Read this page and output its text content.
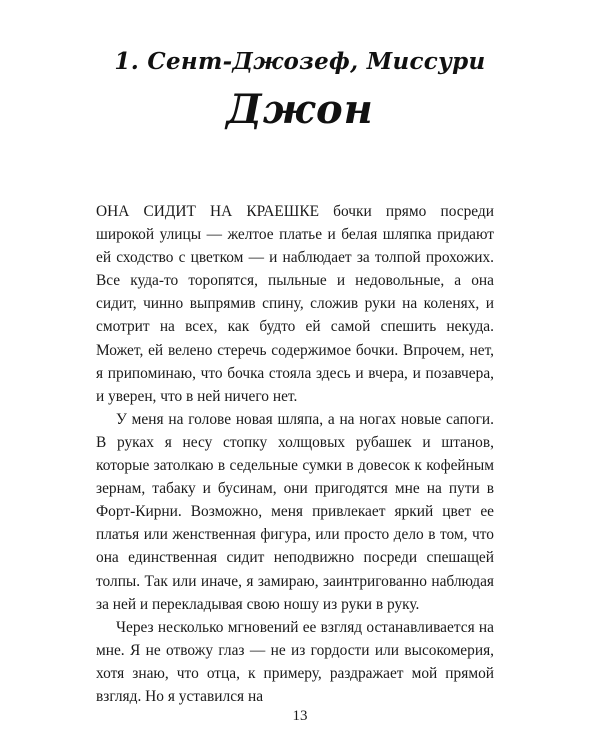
1. Сент-Джозеф, Миссури
Джон

ОНА СИДИТ НА КРАЕШКЕ бочки прямо посреди широкой улицы — желтое платье и белая шляпка придают ей сходство с цветком — и наблюдает за толпой прохожих. Все куда-то торопятся, пыльные и недовольные, а она сидит, чинно выпрямив спину, сложив руки на коленях, и смотрит на всех, как будто ей самой спешить некуда. Может, ей велено стеречь содержимое бочки. Впрочем, нет, я припоминаю, что бочка стояла здесь и вчера, и позавчера, и уверен, что в ней ничего нет.

У меня на голове новая шляпа, а на ногах новые сапоги. В руках я несу стопку холщовых рубашек и штанов, которые затолкаю в седельные сумки в довесок к кофейным зернам, табаку и бусинам, они пригодятся мне на пути в Форт-Кирни. Возможно, меня привлекает яркий цвет ее платья или женственная фигура, или просто дело в том, что она единственная сидит неподвижно посреди спешащей толпы. Так или иначе, я замираю, заинтригованно наблюдая за ней и перекладывая свою ношу из руки в руку.

Через несколько мгновений ее взгляд останавливается на мне. Я не отвожу глаз — не из гордости или высокомерия, хотя знаю, что отца, к примеру, раздражает мой прямой взгляд. Но я уставился на

13
